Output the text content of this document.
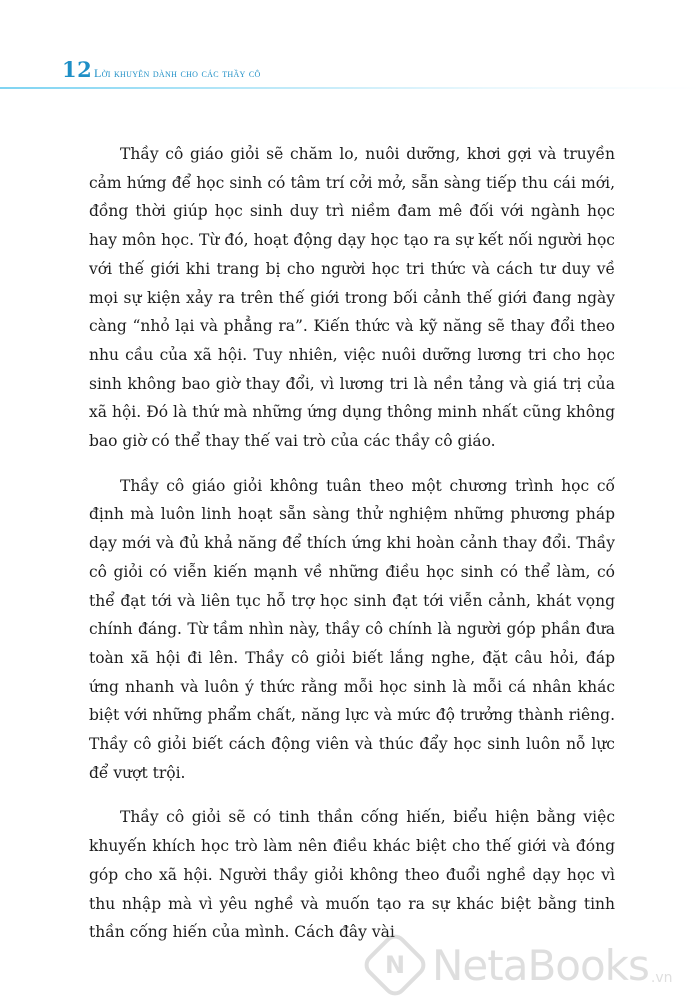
12 Lời khuyên dành cho các thầy cô

Thầy cô giáo giỏi sẽ chăm lo, nuôi dưỡng, khơi gợi và truyền cảm hứng để học sinh có tâm trí cởi mở, sẵn sàng tiếp thu cái mới, đồng thời giúp học sinh duy trì niềm đam mê đối với ngành học hay môn học. Từ đó, hoạt động dạy học tạo ra sự kết nối người học với thế giới khi trang bị cho người học tri thức và cách tư duy về mọi sự kiện xảy ra trên thế giới trong bối cảnh thế giới đang ngày càng “nhỏ lại và phẳng ra”. Kiến thức và kỹ năng sẽ thay đổi theo nhu cầu của xã hội. Tuy nhiên, việc nuôi dưỡng lương tri cho học sinh không bao giờ thay đổi, vì lương tri là nền tảng và giá trị của xã hội. Đó là thứ mà những ứng dụng thông minh nhất cũng không bao giờ có thể thay thế vai trò của các thầy cô giáo.

Thầy cô giáo giỏi không tuân theo một chương trình học cố định mà luôn linh hoạt sẵn sàng thử nghiệm những phương pháp dạy mới và đủ khả năng để thích ứng khi hoàn cảnh thay đổi. Thầy cô giỏi có viễn kiến mạnh về những điều học sinh có thể làm, có thể đạt tới và liên tục hỗ trợ học sinh đạt tới viễn cảnh, khát vọng chính đáng. Từ tầm nhìn này, thầy cô chính là người góp phần đưa toàn xã hội đi lên. Thầy cô giỏi biết lắng nghe, đặt câu hỏi, đáp ứng nhanh và luôn ý thức rằng mỗi học sinh là mỗi cá nhân khác biệt với những phẩm chất, năng lực và mức độ trưởng thành riêng. Thầy cô giỏi biết cách động viên và thúc đẩy học sinh luôn nỗ lực để vượt trội.

Thầy cô giỏi sẽ có tinh thần cống hiến, biểu hiện bằng việc khuyến khích học trò làm nên điều khác biệt cho thế giới và đóng góp cho xã hội. Người thầy giỏi không theo đuổi nghề dạy học vì thu nhập mà vì yêu nghề và muốn tạo ra sự khác biệt bằng tinh thần cống hiến của mình. Cách đây vài

N NetaBooks .vn
